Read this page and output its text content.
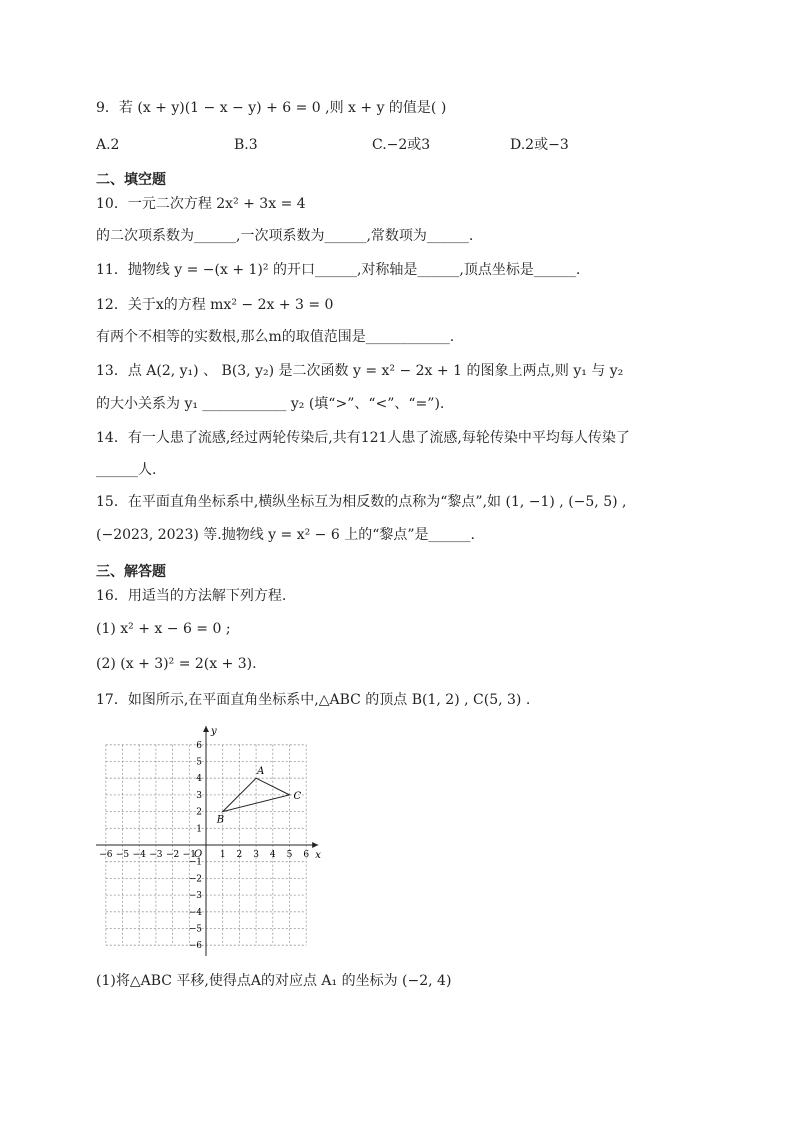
9．若 (x + y)(1 − x − y) + 6 = 0 ,则 x + y 的值是( )
A.2	B.3	C.−2或3	D.2或−3
二、填空题
10．一元二次方程 2x² + 3x = 4
的二次项系数为______,一次项系数为______,常数项为______.
11．抛物线 y = −(x + 1)² 的开口______,对称轴是______,顶点坐标是______.
12．关于x的方程 mx² − 2x + 3 = 0
有两个不相等的实数根,那么m的取值范围是____________.
13．点 A(2, y₁) 、 B(3, y₂) 是二次函数 y = x² − 2x + 1 的图象上两点,则 y₁ 与 y₂
的大小关系为 y₁ ____________ y₂ (填“>”、“<”、“=”).
14．有一人患了流感,经过两轮传染后,共有121人患了流感,每轮传染中平均每人传染了
______人.
15．在平面直角坐标系中,横纵坐标互为相反数的点称为“黎点”,如 (1, −1) , (−5, 5) ,
(−2023, 2023) 等.抛物线 y = x² − 6 上的“黎点”是______.
三、解答题
16．用适当的方法解下列方程.
(1) x² + x − 6 = 0 ;
(2) (x + 3)² = 2(x + 3).
17．如图所示,在平面直角坐标系中,△ABC 的顶点 B(1, 2) , C(5, 3) .
x
y
O
−6 −5 −4 −3 −2 −1	1 2 3 4 5 6
6
5
4
3
2
1
−1
−2
−3
−4
−5
−6
A
B
C
(1)将△ABC 平移,使得点A的对应点 A₁ 的坐标为 (−2, 4)
